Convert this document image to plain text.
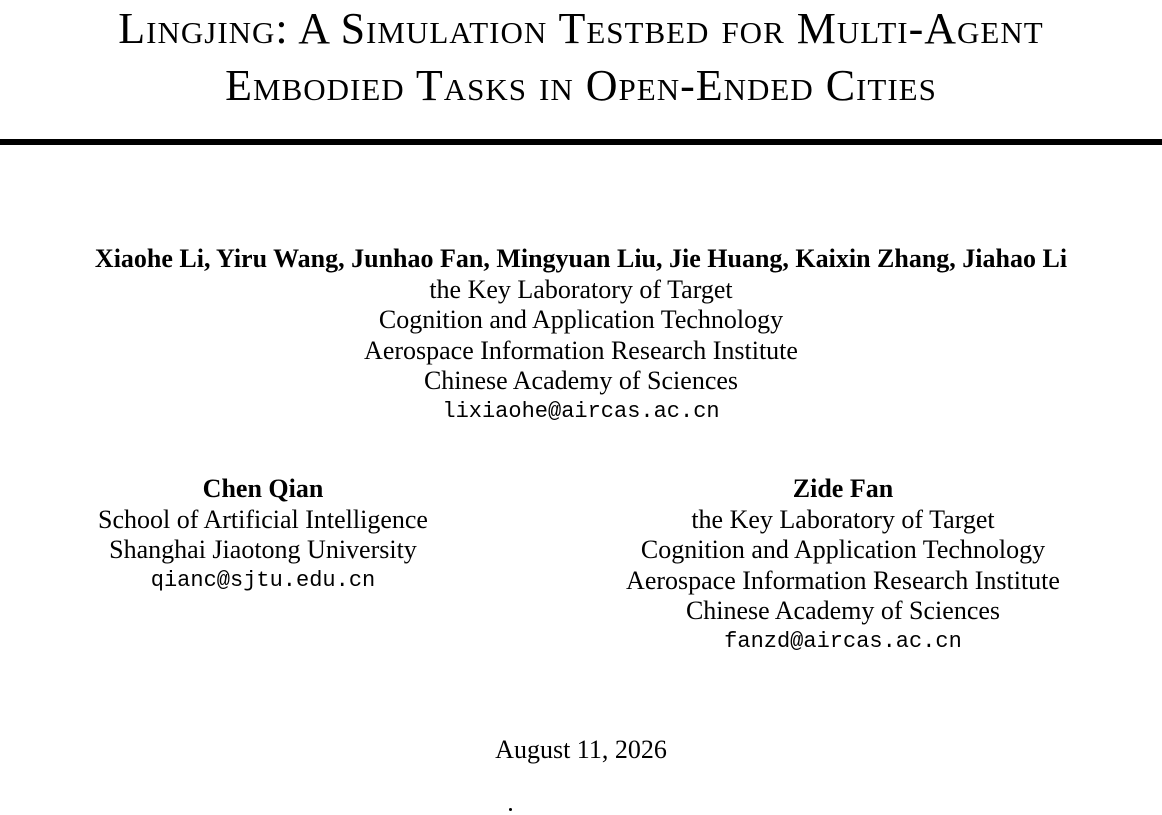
Lingjing: A Simulation Testbed for Multi-Agent
Embodied Tasks in Open-Ended Cities
Xiaohe Li, Yiru Wang, Junhao Fan, Mingyuan Liu, Jie Huang, Kaixin Zhang, Jiahao Li
the Key Laboratory of Target
Cognition and Application Technology
Aerospace Information Research Institute
Chinese Academy of Sciences
lixiaohe@aircas.ac.cn
Chen Qian
School of Artificial Intelligence
Shanghai Jiaotong University
qianc@sjtu.edu.cn
Zide Fan
the Key Laboratory of Target
Cognition and Application Technology
Aerospace Information Research Institute
Chinese Academy of Sciences
fanzd@aircas.ac.cn
August 11, 2026
